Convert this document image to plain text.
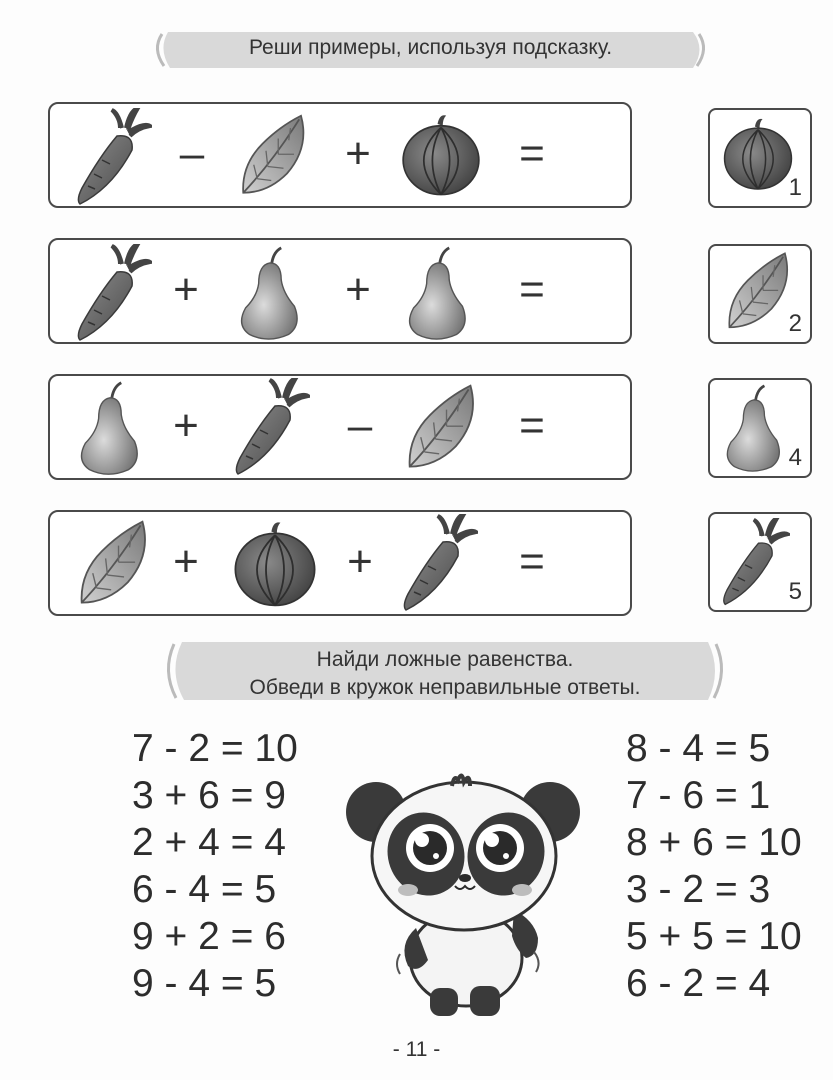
Реши примеры, используя подсказку.
–	+	=
1
+	+	=
2
+	–	=
4
+	+	=
5
Найди ложные равенства.
Обведи в кружок неправильные ответы.
7 - 2 = 10
3 + 6 = 9
2 + 4 = 4
6 - 4 = 5
9 + 2 = 6
9 - 4 = 5
8 - 4 = 5
7 - 6 = 1
8 + 6 = 10
3 - 2 = 3
5 + 5 = 10
6 - 2 = 4
- 11 -
